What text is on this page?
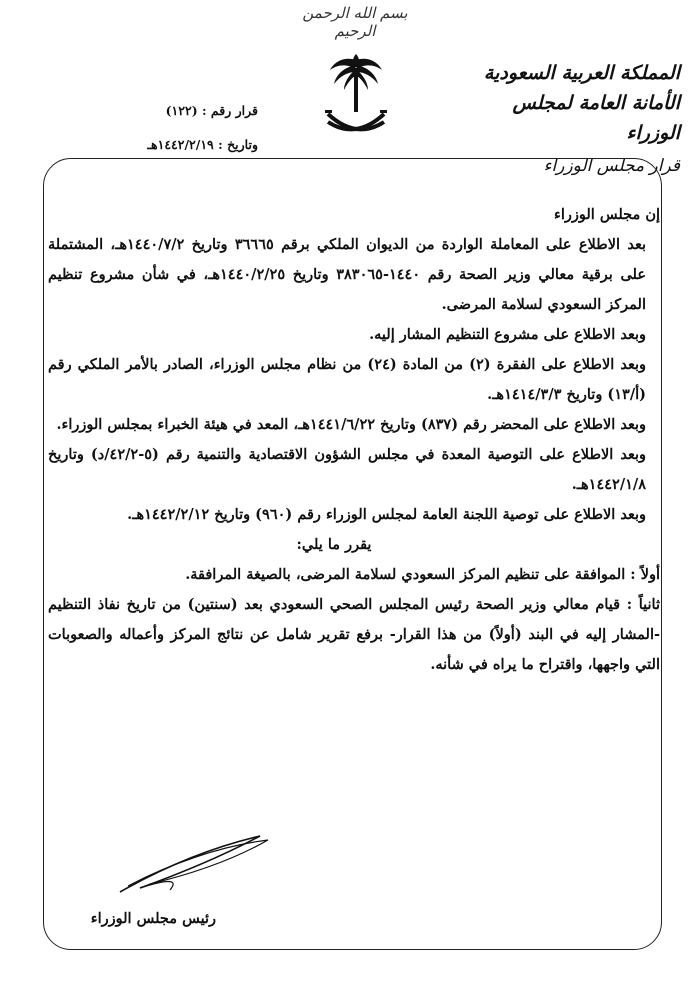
بسم الله الرحمن الرحيم
المملكة العربية السعودية
الأمانة العامة لمجلس الوزراء
قرار مجلس الوزراء
قرار رقم : (١٢٢)
وتاريخ : ١٤٤٢/٢/١٩هـ

إن مجلس الوزراء

بعد الاطلاع على المعاملة الواردة من الديوان الملكي برقم ٣٦٦٦٥ وتاريخ ١٤٤٠/٧/٢هـ، المشتملة على برقية معالي وزير الصحة رقم ١٤٤٠-٣٨٣٠٦٥ وتاريخ ١٤٤٠/٢/٢٥هـ، في شأن مشروع تنظيم المركز السعودي لسلامة المرضى.

وبعد الاطلاع على مشروع التنظيم المشار إليه.

وبعد الاطلاع على الفقرة (٢) من المادة (٢٤) من نظام مجلس الوزراء، الصادر بالأمر الملكي رقم (أ/١٣) وتاريخ ١٤١٤/٣/٣هـ.

وبعد الاطلاع على المحضر رقم (٨٣٧) وتاريخ ١٤٤١/٦/٢٢هـ، المعد في هيئة الخبراء بمجلس الوزراء.

وبعد الاطلاع على التوصية المعدة في مجلس الشؤون الاقتصادية والتنمية رقم (٥-٤٢/٢/د) وتاريخ ١٤٤٢/١/٨هـ.

وبعد الاطلاع على توصية اللجنة العامة لمجلس الوزراء رقم (٩٦٠) وتاريخ ١٤٤٢/٢/١٢هـ.

يقرر ما يلي:

أولاً : الموافقة على تنظيم المركز السعودي لسلامة المرضى، بالصيغة المرافقة.

ثانياً : قيام معالي وزير الصحة رئيس المجلس الصحي السعودي بعد (سنتين) من تاريخ نفاذ التنظيم -المشار إليه في البند (أولاً) من هذا القرار- برفع تقرير شامل عن نتائج المركز وأعماله والصعوبات التي واجهها، واقتراح ما يراه في شأنه.

رئيس مجلس الوزراء
